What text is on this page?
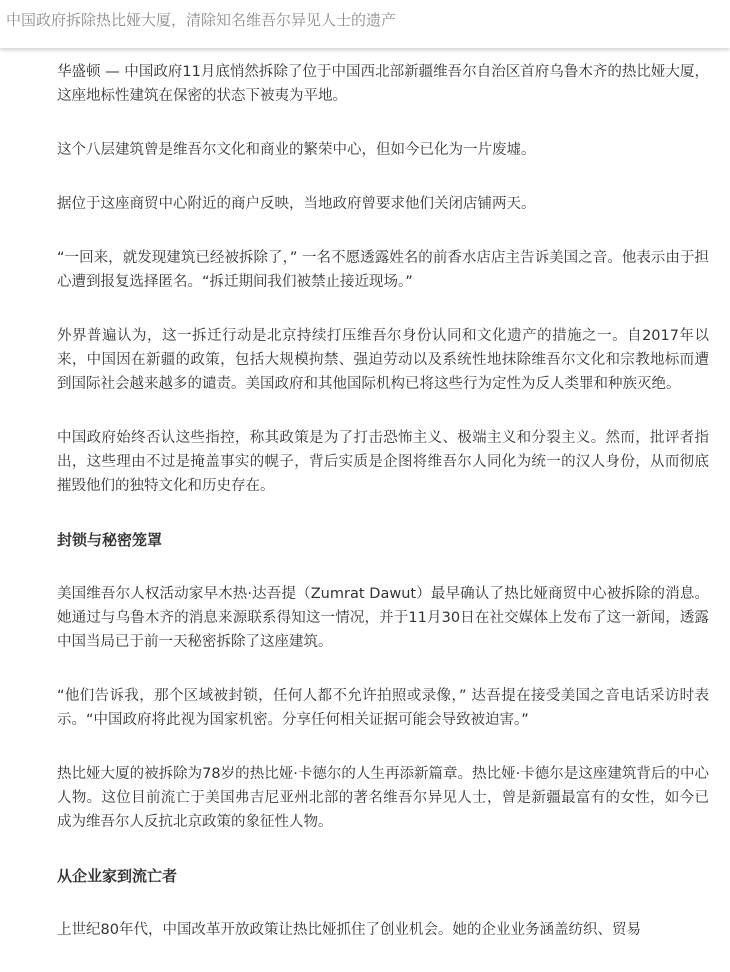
中国政府拆除热比娅大厦，清除知名维吾尔异见人士的遗产

华盛顿 — 中国政府11月底悄然拆除了位于中国西北部新疆维吾尔自治区首府乌鲁木齐的热比娅大厦，这座地标性建筑在保密的状态下被夷为平地。

这个八层建筑曾是维吾尔文化和商业的繁荣中心，但如今已化为一片废墟。

据位于这座商贸中心附近的商户反映，当地政府曾要求他们关闭店铺两天。

“一回来，就发现建筑已经被拆除了，” 一名不愿透露姓名的前香水店店主告诉美国之音。他表示由于担心遭到报复选择匿名。“拆迁期间我们被禁止接近现场。”

外界普遍认为，这一拆迁行动是北京持续打压维吾尔身份认同和文化遗产的措施之一。自2017年以来，中国因在新疆的政策，包括大规模拘禁、强迫劳动以及系统性地抹除维吾尔文化和宗教地标而遭到国际社会越来越多的谴责。美国政府和其他国际机构已将这些行为定性为反人类罪和种族灭绝。

中国政府始终否认这些指控，称其政策是为了打击恐怖主义、极端主义和分裂主义。然而，批评者指出，这些理由不过是掩盖事实的幌子，背后实质是企图将维吾尔人同化为统一的汉人身份，从而彻底摧毁他们的独特文化和历史存在。

封锁与秘密笼罩

美国维吾尔人权活动家早木热·达吾提（Zumrat Dawut）最早确认了热比娅商贸中心被拆除的消息。她通过与乌鲁木齐的消息来源联系得知这一情况，并于11月30日在社交媒体上发布了这一新闻，透露中国当局已于前一天秘密拆除了这座建筑。

“他们告诉我，那个区域被封锁，任何人都不允许拍照或录像，” 达吾提在接受美国之音电话采访时表示。“中国政府将此视为国家机密。分享任何相关证据可能会导致被迫害。”

热比娅大厦的被拆除为78岁的热比娅·卡德尔的人生再添新篇章。热比娅·卡德尔是这座建筑背后的中心人物。这位目前流亡于美国弗吉尼亚州北部的著名维吾尔异见人士，曾是新疆最富有的女性，如今已成为维吾尔人反抗北京政策的象征性人物。

从企业家到流亡者

上世纪80年代，中国改革开放政策让热比娅抓住了创业机会。她的企业业务涵盖纺织、贸易
